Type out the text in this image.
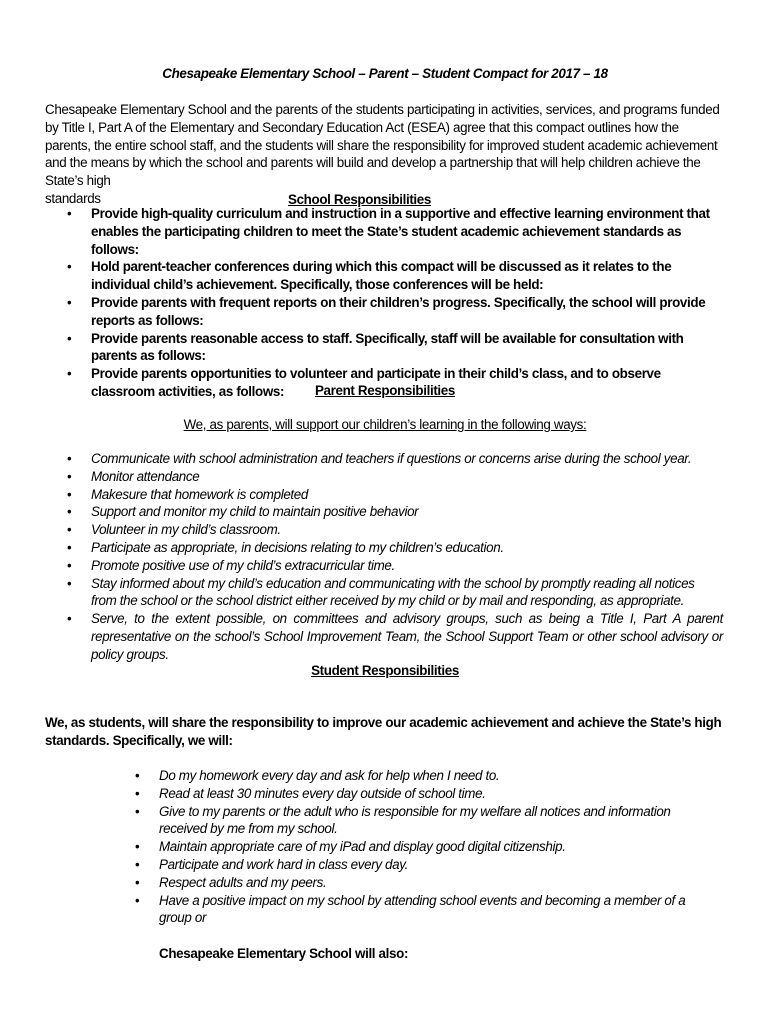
Chesapeake Elementary School – Parent – Student Compact for 2017 – 18
Chesapeake Elementary School and the parents of the students participating in activities, services, and programs funded by Title I, Part A of the Elementary and Secondary Education Act (ESEA) agree that this compact outlines how the parents, the entire school staff, and the students will share the responsibility for improved student academic achievement and the means by which the school and parents will build and develop a partnership that will help children achieve the State’s high
standards	School Responsibilities
• Provide high-quality curriculum and instruction in a supportive and effective learning environment that enables the participating children to meet the State’s student academic achievement standards as follows:
• Hold parent-teacher conferences during which this compact will be discussed as it relates to the individual child’s achievement. Specifically, those conferences will be held:
• Provide parents with frequent reports on their children’s progress. Specifically, the school will provide reports as follows:
• Provide parents reasonable access to staff. Specifically, staff will be available for consultation with parents as follows:
• Provide parents opportunities to volunteer and participate in their child’s class, and to observe classroom activities, as follows:	Parent Responsibilities
We, as parents, will support our children’s learning in the following ways:
• Communicate with school administration and teachers if questions or concerns arise during the school year.
• Monitor attendance
• Makesure that homework is completed
• Support and monitor my child to maintain positive behavior
• Volunteer in my child’s classroom.
• Participate as appropriate, in decisions relating to my children’s education.
• Promote positive use of my child’s extracurricular time.
• Stay informed about my child’s education and communicating with the school by promptly reading all notices from the school or the school district either received by my child or by mail and responding, as appropriate.
• Serve, to the extent possible, on committees and advisory groups, such as being a Title I, Part A parent representative on the school’s School Improvement Team, the School Support Team or other school advisory or policy groups.
Student Responsibilities
We, as students, will share the responsibility to improve our academic achievement and achieve the State’s high standards. Specifically, we will:
• Do my homework every day and ask for help when I need to.
• Read at least 30 minutes every day outside of school time.
• Give to my parents or the adult who is responsible for my welfare all notices and information received by me from my school.
• Maintain appropriate care of my iPad and display good digital citizenship.
• Participate and work hard in class every day.
• Respect adults and my peers.
• Have a positive impact on my school by attending school events and becoming a member of a group or
Chesapeake Elementary School will also:
